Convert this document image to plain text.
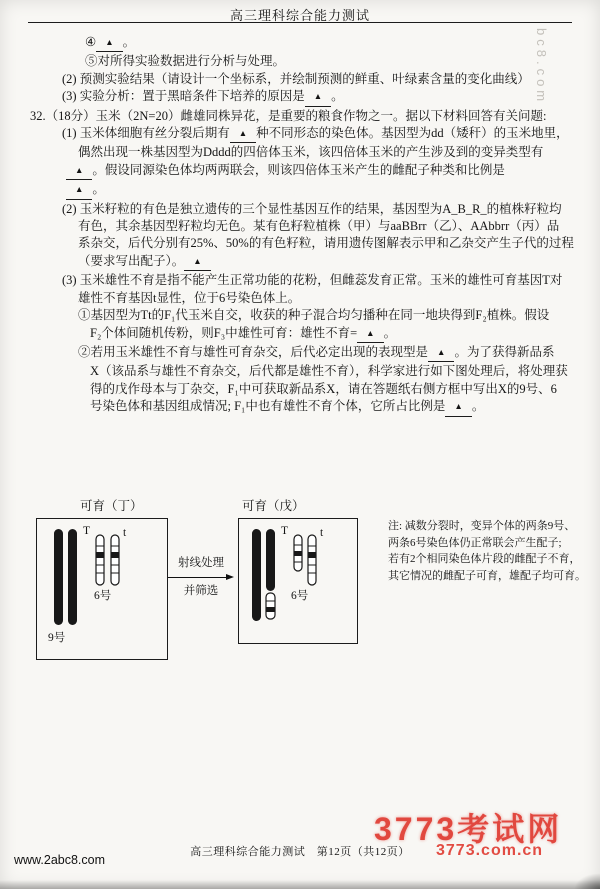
高三理科综合能力测试
④ ▲ 。
⑤对所得实验数据进行分析与处理。
(2) 预测实验结果（请设计一个坐标系，并绘制预测的鲜重、叶绿素含量的变化曲线）
(3) 实验分析：置于黑暗条件下培养的原因是 ▲ 。
32.（18分）玉米（2N=20）雌雄同株异花，是重要的粮食作物之一。据以下材料回答有关问题:
(1) 玉米体细胞有丝分裂后期有 ▲ 种不同形态的染色体。基因型为dd（矮秆）的玉米地里，
偶然出现一株基因型为Dddd的四倍体玉米，该四倍体玉米的产生涉及到的变异类型有
▲ 。假设同源染色体均两两联会，则该四倍体玉米产生的雌配子种类和比例是
▲ 。
(2) 玉米籽粒的有色是独立遗传的三个显性基因互作的结果，基因型为A_B_R_的植株籽粒均
有色，其余基因型籽粒均无色。某有色籽粒植株（甲）与aaBBrr（乙）、AAbbrr（丙）品
系杂交，后代分别有25%、50%的有色籽粒，请用遗传图解表示甲和乙杂交产生子代的过程
（要求写出配子）。 ▲
(3) 玉米雄性不育是指不能产生正常功能的花粉，但雌蕊发育正常。玉米的雄性可育基因T对
雄性不育基因t显性，位于6号染色体上。
①基因型为Tt的F₁代玉米自交，收获的种子混合均匀播种在同一地块得到F₂植株。假设
F₂个体间随机传粉，则F₃中雄性可育：雄性不育= ▲ 。
②若用玉米雄性不育与雄性可育杂交，后代必定出现的表现型是 ▲ 。为了获得新品系
X（该品系与雄性不育杂交，后代都是雄性不育），科学家进行如下图处理后，将处理获
得的戊作母本与丁杂交，F₁中可获取新品系X，请在答题纸右侧方框中写出X的9号、6
号染色体和基因组成情况; F₁中也有雄性不育个体，它所占比例是 ▲ 。
可育（丁）	可育（戊）
T	t
6号
9号
射线处理
并筛选
T	t
6号
注: 减数分裂时，变异个体的两条9号、
两条6号染色体仍正常联会产生配子;
若有2个相同染色体片段的雌配子不育，
其它情况的雌配子可育，雄配子均可育。
bc8.com
3773考试网
3773.com.cn
高三理科综合能力测试　第12页（共12页）
www.2abc8.com
